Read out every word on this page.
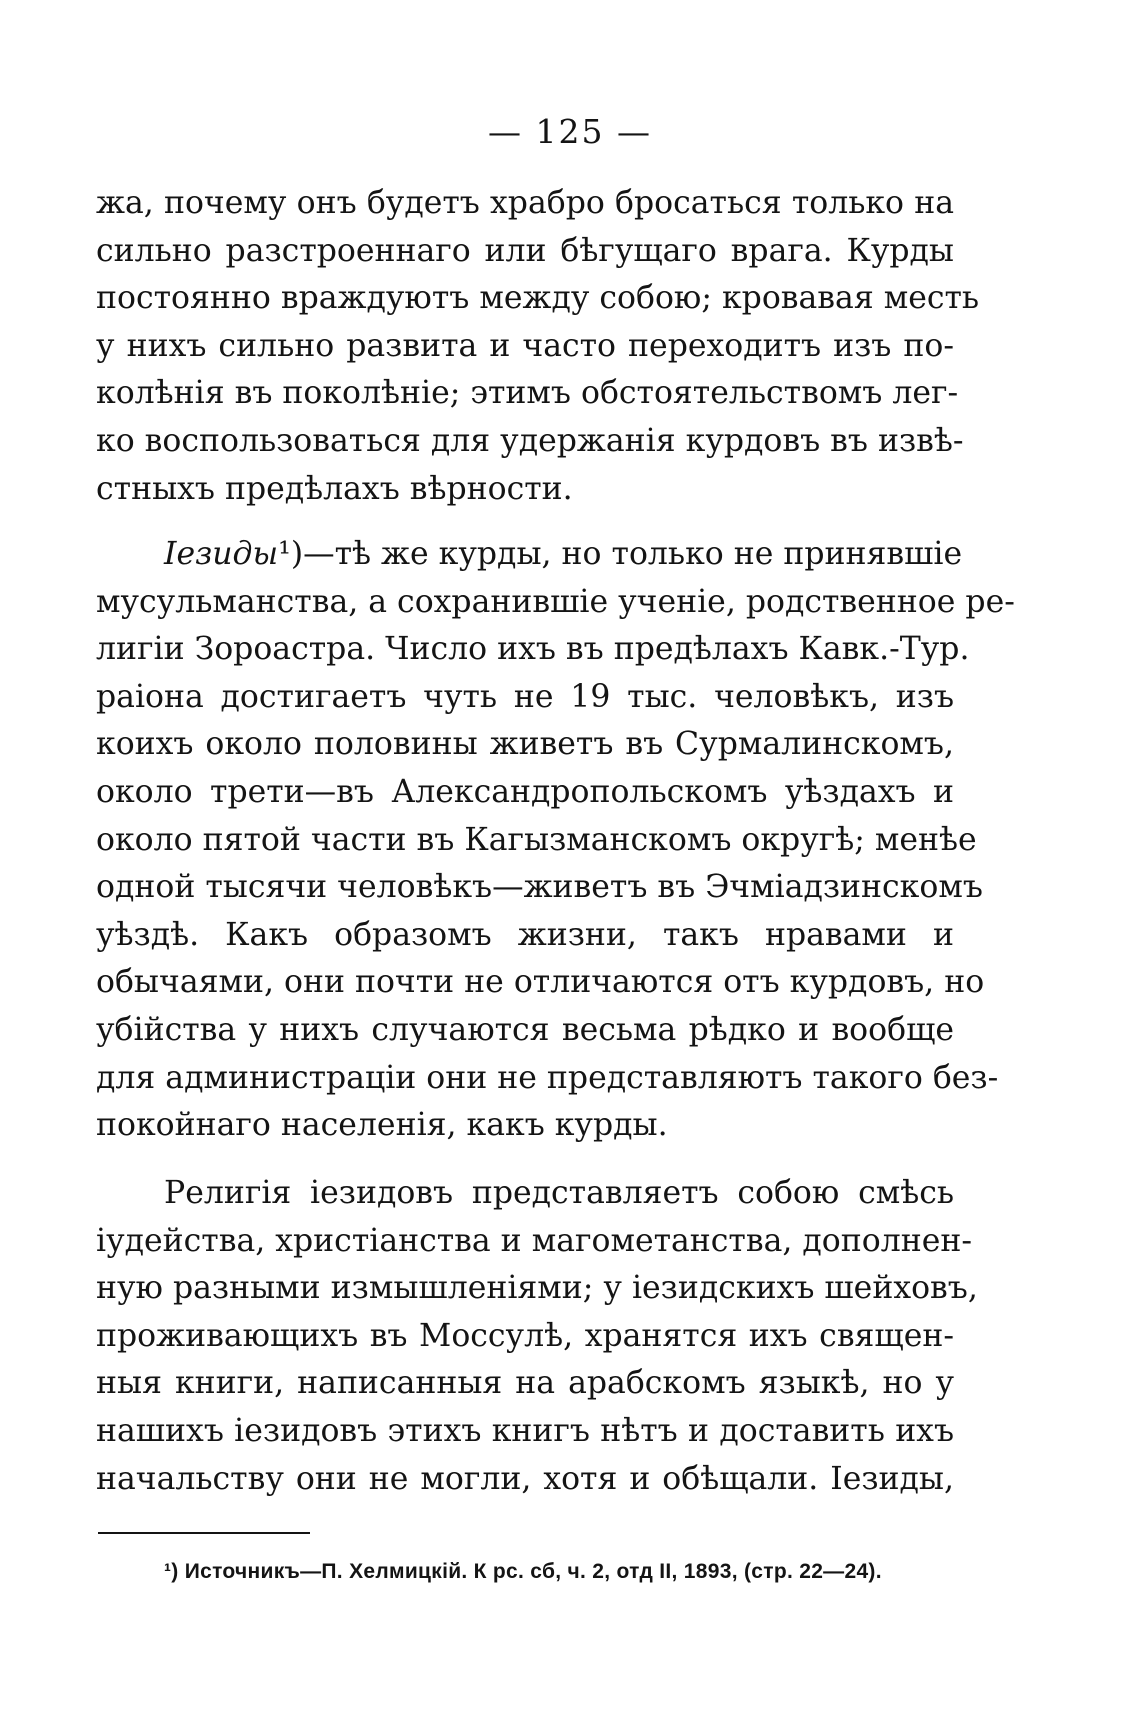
— 125 —
жа, почему онъ будетъ храбро бросаться только на
сильно разстроеннаго или бѣгущаго врага. Курды
постоянно враждуютъ между собою; кровавая месть
у нихъ сильно развита и часто переходитъ изъ по-
колѣнія въ поколѣніе; этимъ обстоятельствомъ лег-
ко воспользоваться для удержанія курдовъ въ извѣ-
стныхъ предѣлахъ вѣрности.
Іезиды¹)—тѣ же курды, но только не принявшіе
мусульманства, а сохранившіе ученіе, родственное ре-
лигіи Зороастра. Число ихъ въ предѣлахъ Кавк.-Тур.
раіона достигаетъ чуть не 19 тыс. человѣкъ, изъ
коихъ около половины живетъ въ Сурмалинскомъ,
около трети—въ Александропольскомъ уѣздахъ и
около пятой части въ Кагызманскомъ округѣ; менѣе
одной тысячи человѣкъ—живетъ въ Эчміадзинскомъ
уѣздѣ. Какъ образомъ жизни, такъ нравами и
обычаями, они почти не отличаются отъ курдовъ, но
убійства у нихъ случаются весьма рѣдко и вообще
для администраціи они не представляютъ такого без-
покойнаго населенія, какъ курды.
Религія іезидовъ представляетъ собою смѣсь
іудейства, христіанства и магометанства, дополнен-
ную разными измышленіями; у іезидскихъ шейховъ,
проживающихъ въ Моссулѣ, хранятся ихъ священ-
ныя книги, написанныя на арабскомъ языкѣ, но у
нашихъ іезидовъ этихъ книгъ нѣтъ и доставить ихъ
начальству они не могли, хотя и обѣщали. Іезиды,
¹) Источникъ—П. Хелмицкій. К рс. сб, ч. 2, отд II, 1893, (стр. 22—24).
